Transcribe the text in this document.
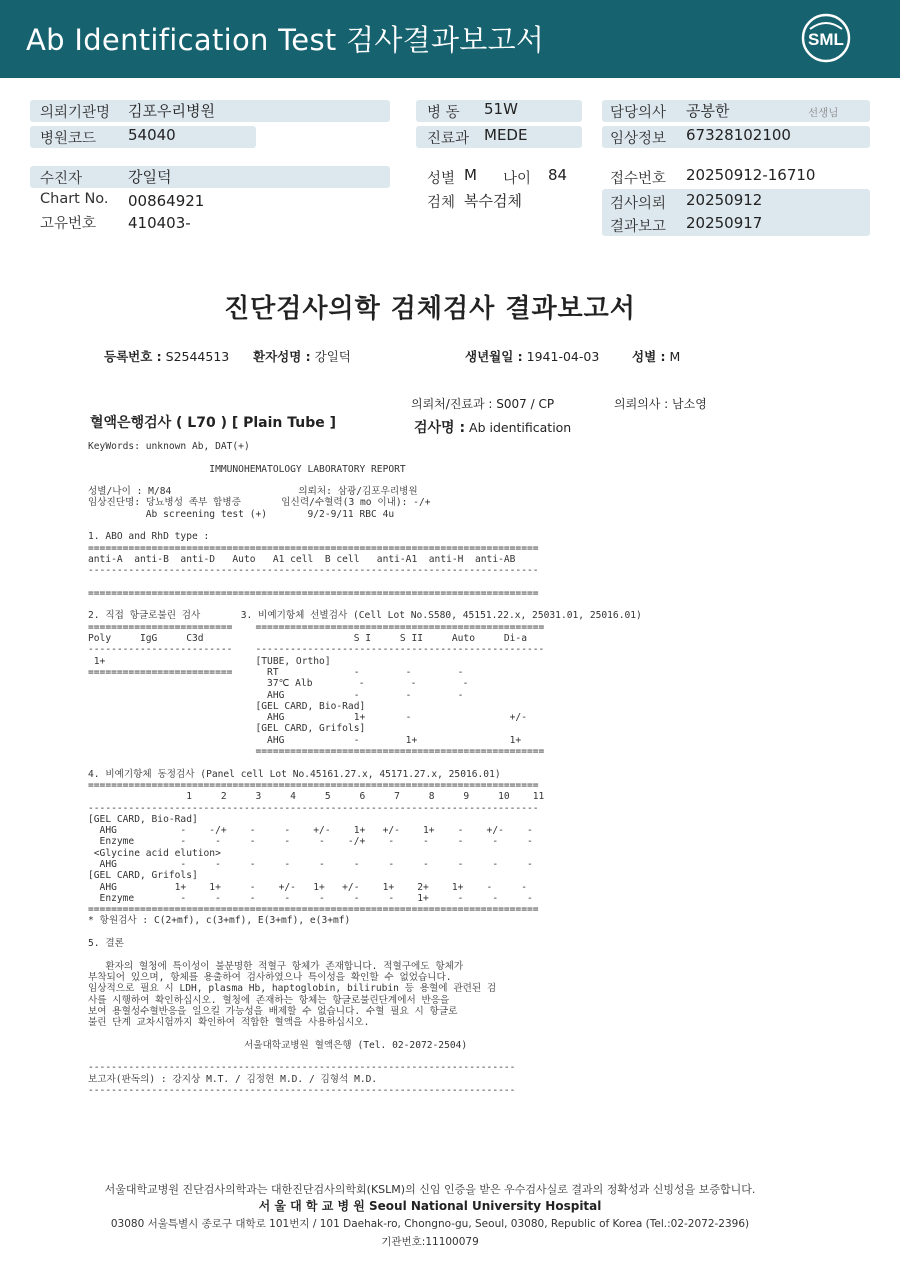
Ab Identification Test 검사결과보고서	SML
의뢰기관명 김포우리병원
병원코드 54040
수진자	강일덕
Chart No. 00864921
고유번호 410403-
병 동 51W
진료과 MEDE
성별 M 나이 84
검체 복수검체
담당의사 공봉한	선생님
임상정보 67328102100
접수번호 20250912-16710
검사의뢰 20250912
결과보고 20250917
진단검사의학 검체검사 결과보고서
등록번호 : S2544513 환자성명 : 강일덕	생년월일 : 1941-04-03	성별 : M
의뢰처/진료과 : S007 / CP	의뢰의사 : 남소영
혈액은행검사 ( L70 ) [ Plain Tube ]	검사명 : Ab identification
KeyWords: unknown Ab, DAT(+)

IMMUNOHEMATOLOGY LABORATORY REPORT

성별/나이 : M/84                      의뢰처: 삼광/김포우리병원
임상진단명: 당뇨병성 족부 합병증       임신력/수혈력(3 mo 이내): -/+
Ab screening test (+)       9/2-9/11 RBC 4u

1. ABO and RhD type :
==============================================================================
anti-A  anti-B  anti-D   Auto   A1 cell  B cell   anti-A1  anti-H  anti-AB
------------------------------------------------------------------------------

==============================================================================

2. 직접 항글로불린 검사       3. 비예기항체 선별검사 (Cell Lot No.S580, 45151.22.x, 25031.01, 25016.01)
=========================    ==================================================
Poly     IgG     C3d                          S I     S II     Auto     Di-a
-------------------------    --------------------------------------------------
1+                          [TUBE, Ortho]
=========================      RT             -        -        -
37℃ Alb        -        -        -
AHG            -        -        -
[GEL CARD, Bio-Rad]
AHG            1+       -                 +/-
[GEL CARD, Grifols]
AHG            -        1+                1+
==================================================

4. 비예기항체 동정검사 (Panel cell Lot No.45161.27.x, 45171.27.x, 25016.01)
==============================================================================
1     2     3     4     5     6     7     8     9     10    11
------------------------------------------------------------------------------
[GEL CARD, Bio-Rad]
AHG           -    -/+    -     -    +/-    1+   +/-    1+    -    +/-    -
Enzyme        -     -     -     -     -    -/+    -     -     -     -     -
<Glycine acid elution>
AHG           -     -     -     -     -     -     -     -     -     -     -
[GEL CARD, Grifols]
AHG          1+    1+     -    +/-   1+   +/-    1+    2+    1+    -     -
Enzyme        -     -     -     -     -     -     -    1+     -     -     -
==============================================================================
* 항원검사 : C(2+mf), c(3+mf), E(3+mf), e(3+mf)

5. 결론

환자의 혈청에 특이성이 불분명한 적혈구 항체가 존재합니다. 적혈구에도 항체가
부착되어 있으며, 항체를 용출하여 검사하였으나 특이성을 확인할 수 없었습니다.
임상적으로 필요 시 LDH, plasma Hb, haptoglobin, bilirubin 등 용혈에 관련된 검
사를 시행하여 확인하십시오. 혈청에 존재하는 항체는 항글로불린단계에서 반응을
보여 용혈성수혈반응을 일으킬 가능성을 배제할 수 없습니다. 수혈 필요 시 항글로
불린 단계 교차시험까지 확인하여 적합한 혈액을 사용하십시오.

서울대학교병원 혈액은행 (Tel. 02-2072-2504)

--------------------------------------------------------------------------
보고자(판독의) : 강지상 M.T. / 김정현 M.D. / 김형석 M.D.
--------------------------------------------------------------------------
서울대학교병원 진단검사의학과는 대한진단검사의학회(KSLM)의 신임 인증을 받은 우수검사실로 결과의 정확성과 신빙성을 보증합니다.
서 울 대 학 교 병 원 Seoul National University Hospital
03080 서울특별시 종로구 대학로 101번지 / 101 Daehak-ro, Chongno-gu, Seoul, 03080, Republic of Korea (Tel.:02-2072-2396)
기관번호:11100079
